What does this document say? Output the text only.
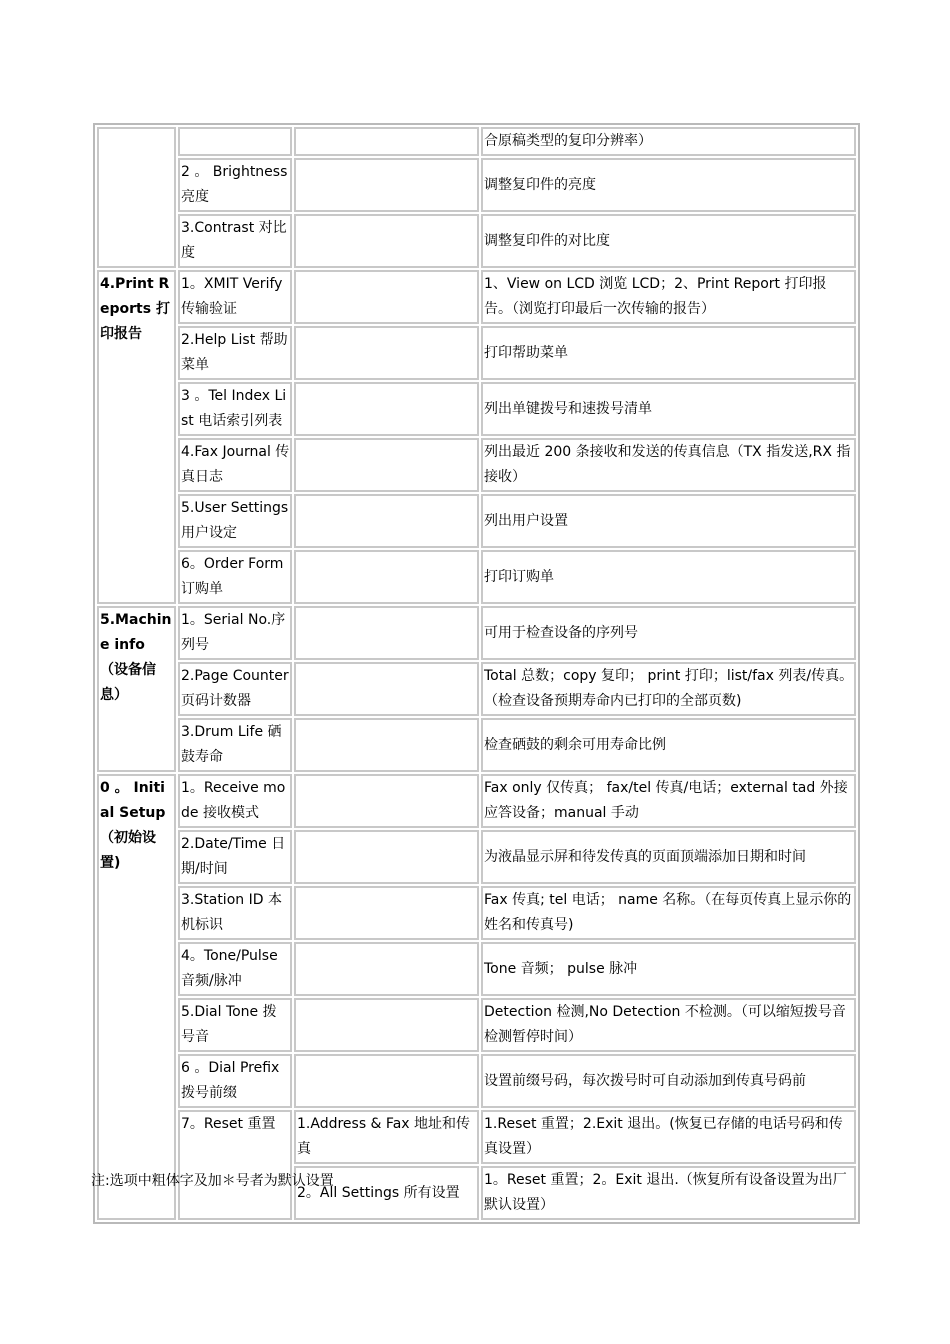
			合原稿类型的复印分辨率）
	2 。 Brightness 亮度		调整复印件的亮度
	3.Contrast 对比度		调整复印件的对比度
4.Print Reports 打印报告	1。XMIT Verify 传输验证		1、View on LCD 浏览 LCD；2、Print Report 打印报告。（浏览打印最后一次传输的报告）
	2.Help List 帮助菜单		打印帮助菜单
	3 。Tel Index List 电话索引列表		列出单键拨号和速拨号清单
	4.Fax Journal 传真日志		列出最近 200 条接收和发送的传真信息（TX 指发送,RX 指接收）
	5.User Settings 用户设定		列出用户设置
	6。Order Form 订购单		打印订购单
5.Machine info （设备信息）	1。Serial No.序列号		可用于检查设备的序列号
	2.Page Counter 页码计数器		Total 总数；copy 复印； print 打印；list/fax 列表/传真。（检查设备预期寿命内已打印的全部页数)
	3.Drum Life 硒鼓寿命		检查硒鼓的剩余可用寿命比例
0 。 Initial Setup （初始设置)	1。Receive mode 接收模式		Fax only 仅传真； fax/tel 传真/电话；external tad 外接应答设备；manual 手动
	2.Date/Time 日期/时间		为液晶显示屏和待发传真的页面顶端添加日期和时间
	3.Station ID 本机标识		Fax 传真; tel 电话； name 名称。（在每页传真上显示你的姓名和传真号)
	4。Tone/Pulse 音频/脉冲		Tone 音频； pulse 脉冲
	5.Dial Tone 拨号音		Detection 检测,No Detection 不检测。（可以缩短拨号音检测暂停时间）
	6 。Dial Prefix 拨号前缀		设置前缀号码，每次拨号时可自动添加到传真号码前
	7。Reset 重置	1.Address & Fax 地址和传真	1.Reset 重置；2.Exit 退出。(恢复已存储的电话号码和传真设置）
		2。All Settings 所有设置	1。Reset 重置；2。Exit 退出.（恢复所有设备设置为出厂默认设置）
注:选项中粗体字及加＊号者为默认设置
